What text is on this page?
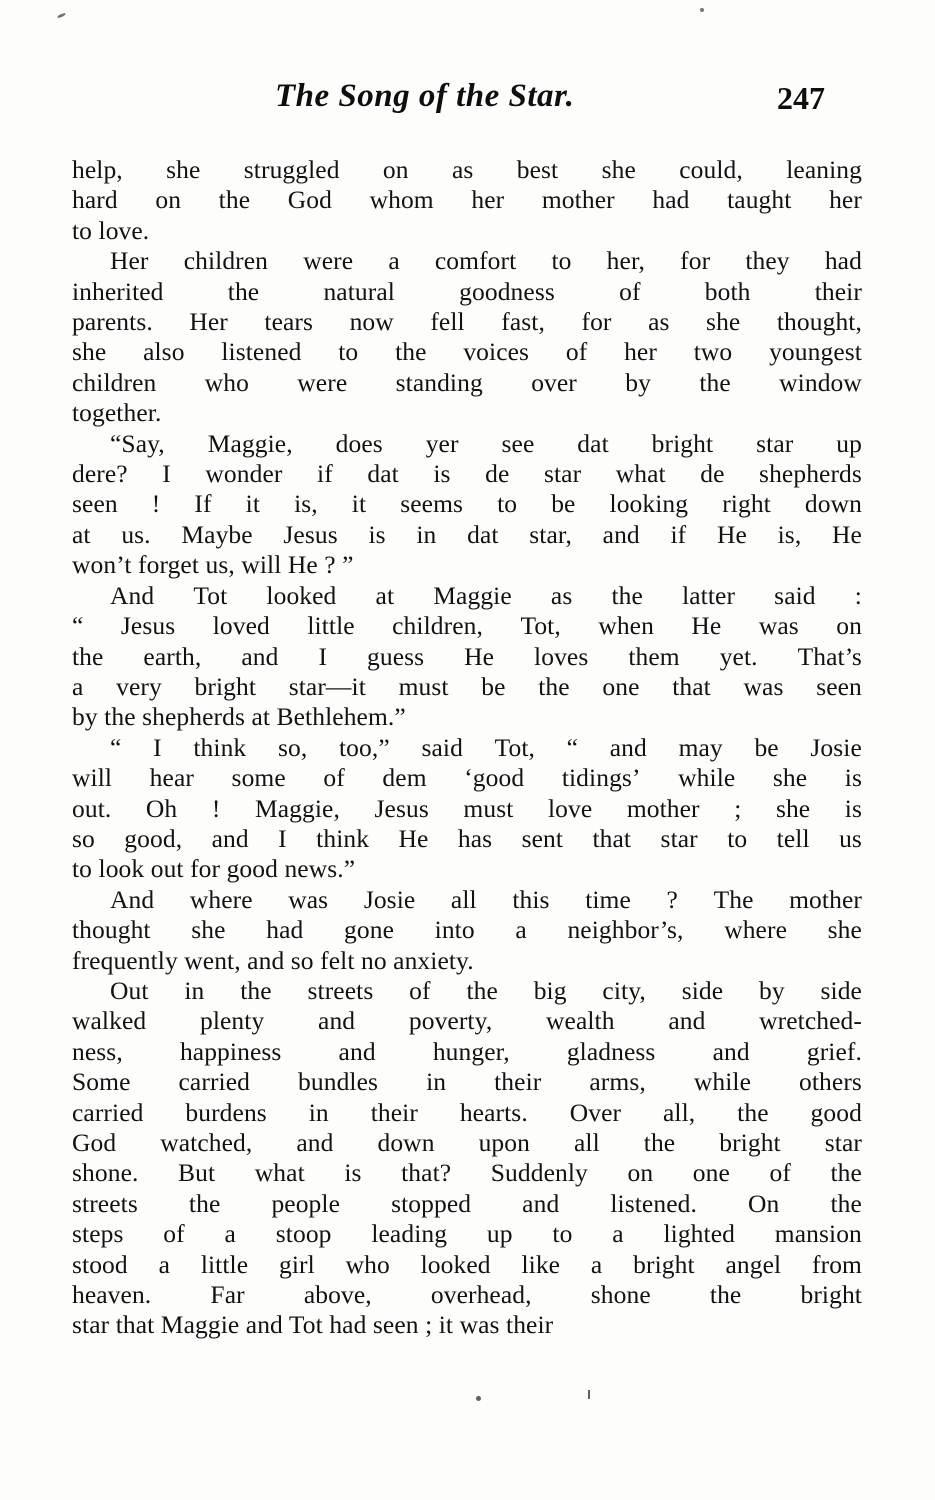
The Song of the Star.	247
help, she struggled on as best she could, leaning
hard on the God whom her mother had taught her
to love.
Her children were a comfort to her, for they had
inherited	the	natural	goodness	of	both	their
parents. Her tears now fell fast, for as she thought,
she also listened to the voices of her two youngest
children who were standing over by the window
together.
“Say, Maggie, does yer see dat bright star up
dere? I wonder if dat is de star what de shepherds
seen ! If it is, it seems to be looking right down
at us. Maybe Jesus is in dat star, and if He is, He
won’t forget us, will He ? ”
And Tot looked at Maggie as the latter said :
“ Jesus loved little children, Tot, when He was on
the earth, and I guess He loves them yet. That’s
a very bright star—it must be the one that was seen
by the shepherds at Bethlehem.”
“ I think so, too,” said Tot, “ and may be Josie
will hear some of dem ‘good tidings’ while she is
out. Oh ! Maggie, Jesus must love mother ; she is
so good, and I think He has sent that star to tell us
to look out for good news.”
And where was Josie all this time ? The mother
thought she had gone into a neighbor’s, where she
frequently went, and so felt no anxiety.
Out in the streets of the big city, side by side
walked plenty and poverty, wealth and wretched-
ness, happiness and hunger, gladness and grief.
Some carried bundles in their arms, while others
carried burdens in their hearts. Over all, the good
God watched, and down upon all the bright star
shone. But what is that? Suddenly on one of the
streets the people stopped and listened. On the
steps of a stoop leading up to a lighted mansion
stood a little girl who looked like a bright angel from
heaven. Far above, overhead, shone the bright
star that Maggie and Tot had seen ; it was their
